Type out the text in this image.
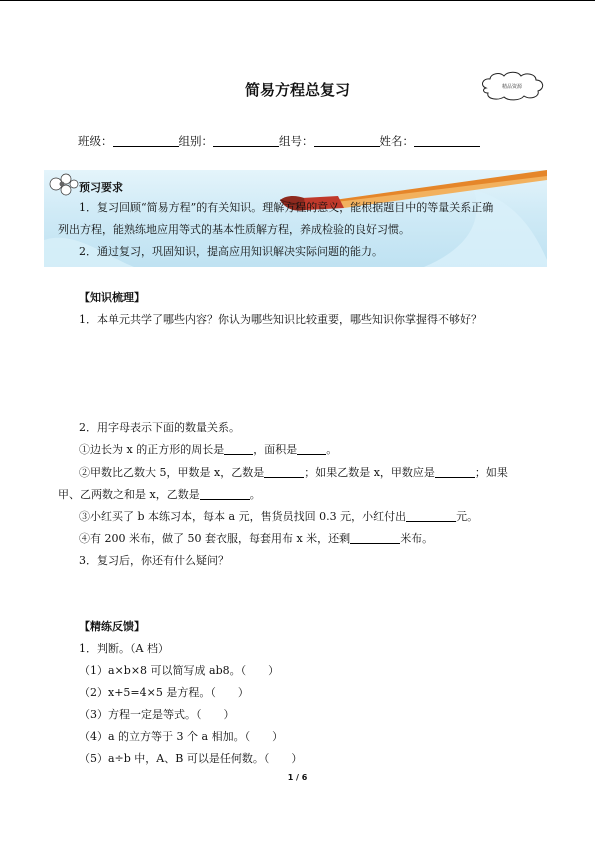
简易方程总复习	精品资源
班级：	组别：	组号：	姓名：
预习要求
1．复习回顾“简易方程”的有关知识。理解方程的意义，能根据题目中的等量关系正确
列出方程，能熟练地应用等式的基本性质解方程，养成检验的良好习惯。
2．通过复习，巩固知识，提高应用知识解决实际问题的能力。
【知识梳理】
1．本单元共学了哪些内容？你认为哪些知识比较重要，哪些知识你掌握得不够好？
2．用字母表示下面的数量关系。
①边长为 x 的正方形的周长是	，面积是	。
②甲数比乙数大 5，甲数是 x，乙数是	；如果乙数是 x，甲数应是	；如果
甲、乙两数之和是 x，乙数是	。
③小红买了 b 本练习本，每本 a 元，售货员找回 0.3 元，小红付出	元。
④有 200 米布，做了 50 套衣服，每套用布 x 米，还剩	米布。
3．复习后，你还有什么疑问？
【精练反馈】
1．判断。（A 档）
（1）a×b×8 可以简写成 ab8。（　　）
（2）x+5=4×5 是方程。（　　）
（3）方程一定是等式。（　　）
（4）a 的立方等于 3 个 a 相加。（　　）
（5）a÷b 中，A、B 可以是任何数。（　　）
1 / 6
